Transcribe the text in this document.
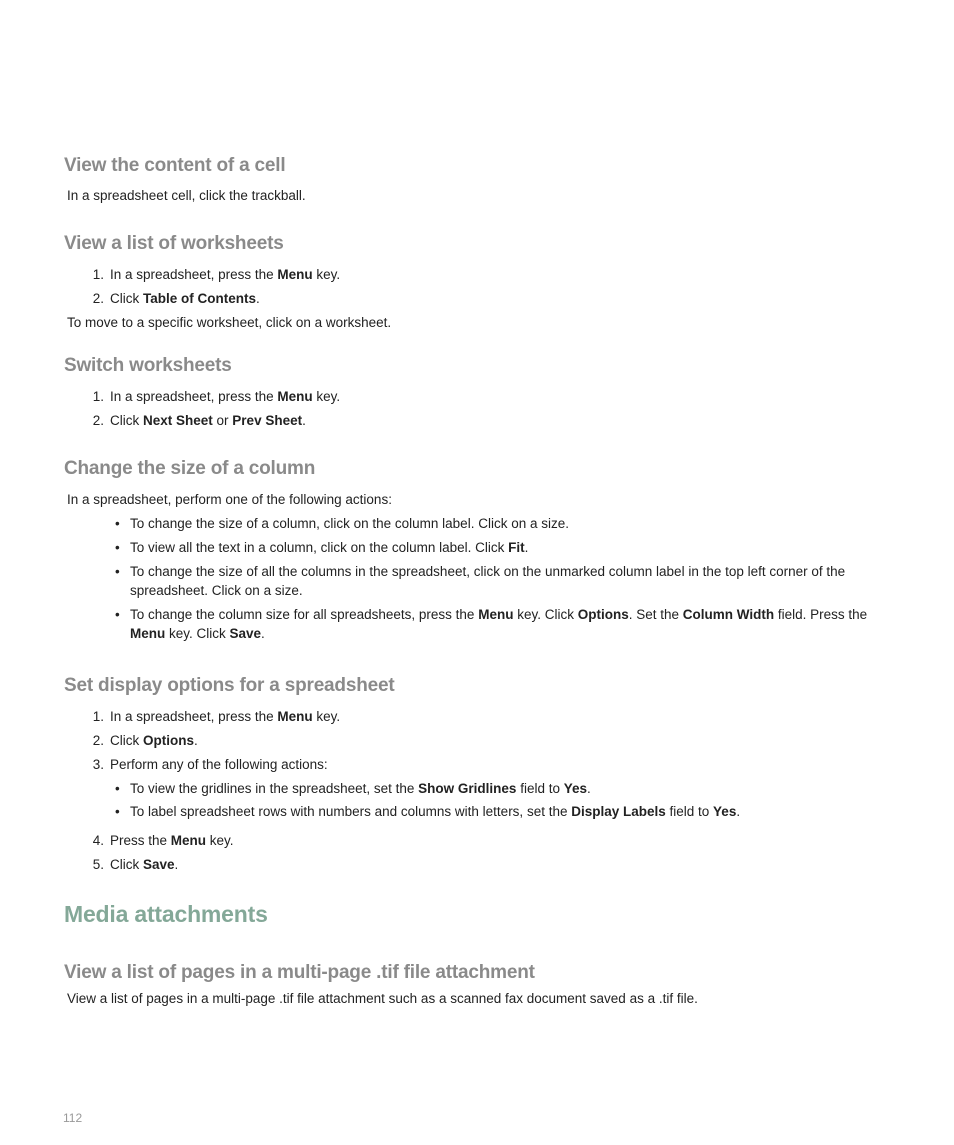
View the content of a cell

In a spreadsheet cell, click the trackball.

View a list of worksheets
1. In a spreadsheet, press the Menu key.
2. Click Table of Contents.

To move to a specific worksheet, click on a worksheet.

Switch worksheets
1. In a spreadsheet, press the Menu key.
2. Click Next Sheet or Prev Sheet.
Change the size of a column

In a spreadsheet, perform one of the following actions:

• To change the size of a column, click on the column label. Click on a size.
• To view all the text in a column, click on the column label. Click Fit.
• To change the size of all the columns in the spreadsheet, click on the unmarked column label in the top left corner of the spreadsheet. Click on a size.
• To change the column size for all spreadsheets, press the Menu key. Click Options. Set the Column Width field. Press the Menu key. Click Save.
Set display options for a spreadsheet
1. In a spreadsheet, press the Menu key.
2. Click Options.
3. Perform any of the following actions:
• To view the gridlines in the spreadsheet, set the Show Gridlines field to Yes.
• To label spreadsheet rows with numbers and columns with letters, set the Display Labels field to Yes.
4. Press the Menu key.
5. Click Save.
Media attachments
View a list of pages in a multi-page .tif file attachment

View a list of pages in a multi-page .tif file attachment such as a scanned fax document saved as a .tif file.

112
